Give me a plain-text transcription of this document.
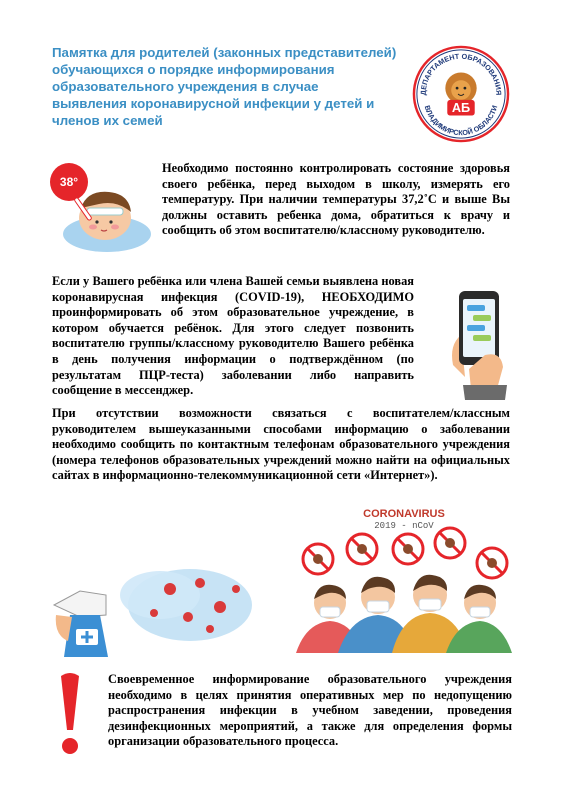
Памятка для родителей (законных представителей) обучающихся о порядке информирования образовательного учреждения в случае выявления коронавирусной инфекции у детей и членов их семей
ДЕПАРТАМЕНТ ОБРАЗОВАНИЯ
ВЛАДИМИРСКОЙ ОБЛАСТИ
АБ
38°
Необходимо постоянно контролировать состояние здоровья своего ребёнка, перед выходом в школу, измерять его температуру. При наличии температуры 37,2˚С и выше Вы должны оставить ребенка дома, обратиться к врачу и сообщить об этом воспитателю/классному руководителю.
Если у Вашего ребёнка или члена Вашей семьи выявлена новая коронавирусная инфекция (COVID-19), НЕОБХОДИМО проинформировать об этом образовательное учреждение, в котором обучается ребёнок. Для этого следует позвонить воспитателю группы/классному руководителю Вашего ребёнка в день получения информации о подтверждённом (по результатам ПЦР-теста) заболевании либо направить сообщение в мессенджер.
При отсутствии возможности связаться с воспитателем/классным руководителем вышеуказанными способами информацию о заболевании необходимо сообщить по контактным телефонам образовательного учреждения (номера телефонов образовательных учреждений можно найти на официальных сайтах в информационно-телекоммуникационной сети «Интернет»).
CORONAVIRUS
2019 - nCoV
Своевременное информирование образовательного учреждения необходимо в целях принятия оперативных мер по недопущению распространения инфекции в учебном заведении, проведения дезинфекционных мероприятий, а также для определения формы организации образовательного процесса.
